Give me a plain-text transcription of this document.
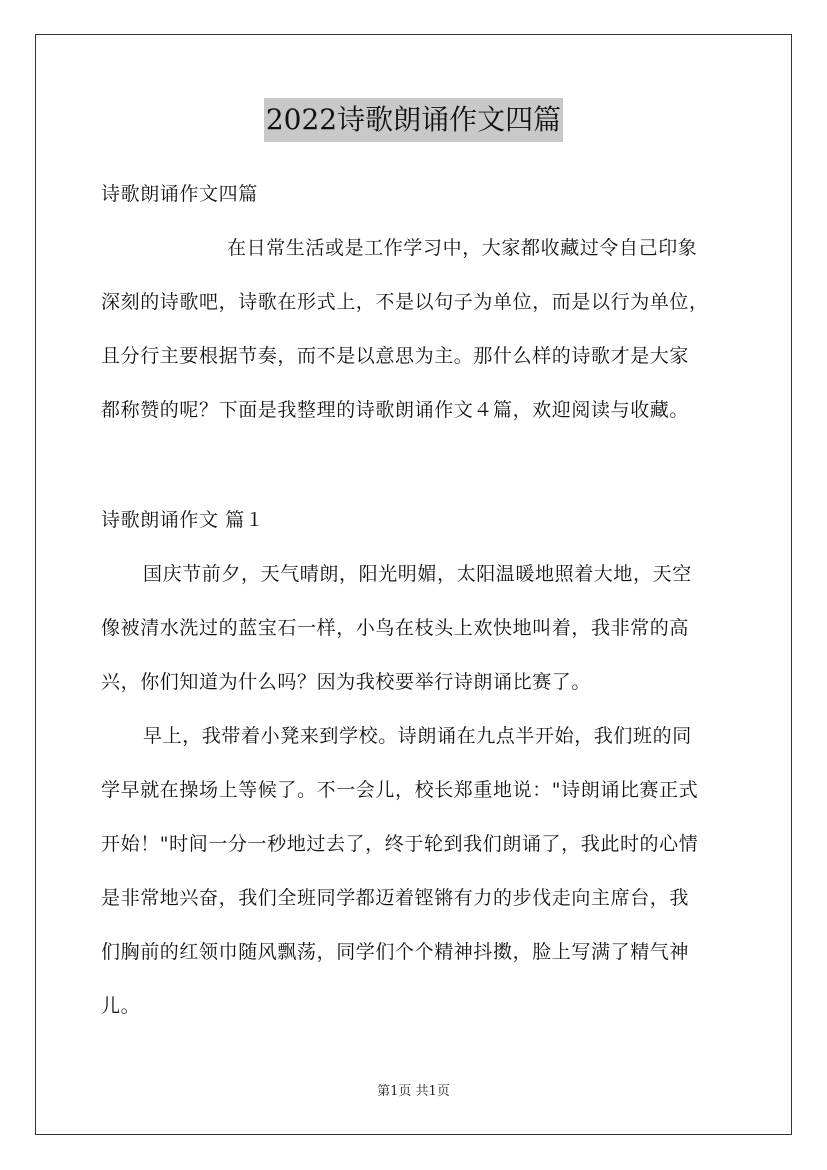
2022诗歌朗诵作文四篇
诗歌朗诵作文四篇
在日常生活或是工作学习中，大家都收藏过令自己印象
深刻的诗歌吧，诗歌在形式上，不是以句子为单位，而是以行为单位，
且分行主要根据节奏，而不是以意思为主。那什么样的诗歌才是大家
都称赞的呢？下面是我整理的诗歌朗诵作文４篇，欢迎阅读与收藏。
诗歌朗诵作文 篇１
国庆节前夕，天气晴朗，阳光明媚，太阳温暖地照着大地，天空
像被清水洗过的蓝宝石一样，小鸟在枝头上欢快地叫着，我非常的高
兴，你们知道为什么吗？因为我校要举行诗朗诵比赛了。
早上，我带着小凳来到学校。诗朗诵在九点半开始，我们班的同
学早就在操场上等候了。不一会儿，校长郑重地说："诗朗诵比赛正式
开始！"时间一分一秒地过去了，终于轮到我们朗诵了，我此时的心情
是非常地兴奋，我们全班同学都迈着铿锵有力的步伐走向主席台，我
们胸前的红领巾随风飘荡，同学们个个精神抖擞，脸上写满了精气神
儿。
第1页 共1页
